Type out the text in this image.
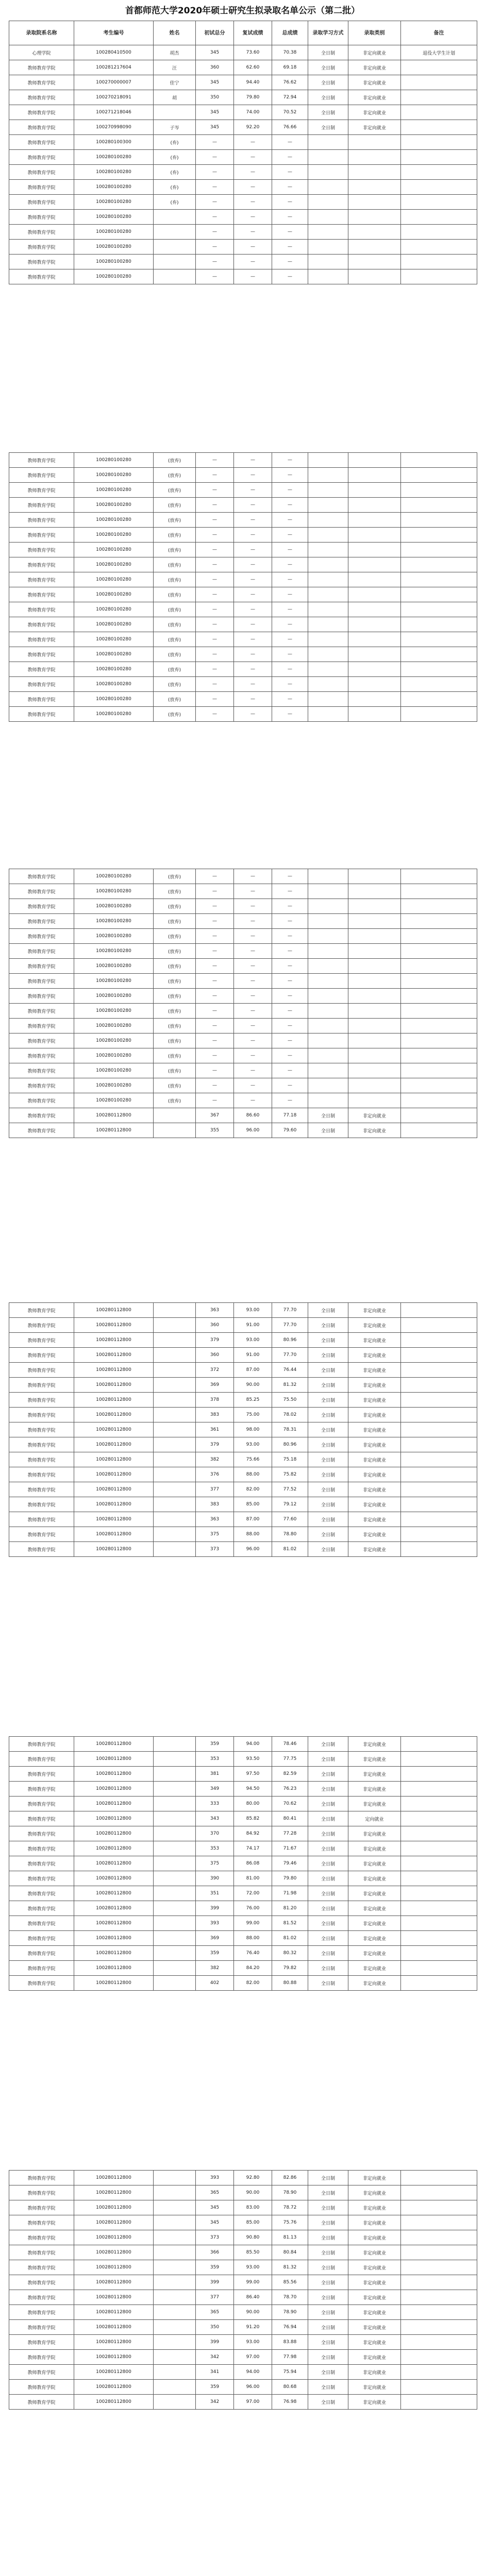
首都师范大学2020年硕士研究生拟录取名单公示（第二批）
录取院系名称	考生编号	姓名	初试总分	复试成绩	总成绩	录取学习方式	录取类别	备注
心理学院	100280410500	胡杰	345	73.60	70.38	全日制	非定向就业	退役大学生计划
教师教育学院	100281217604	汪	360	62.60	69.18	全日制	非定向就业	
教师教育学院	100270000007	佳宁	345	94.40	76.62	全日制	非定向就业	
教师教育学院	100270218091	胡	350	79.80	72.94	全日制	非定向就业	
教师教育学院	100271218046		345	74.00	70.52	全日制	非定向就业	
教师教育学院	100270998090	子岑	345	92.20	76.66	全日制	非定向就业	
教师教育学院	100280100300	(弃)	—	—	—			
教师教育学院	100280100280	(弃)	—	—	—			
教师教育学院	100280100280	(弃)	—	—	—			
教师教育学院	100280100280	(弃)	—	—	—			
教师教育学院	100280100280	(弃)	—	—	—			
教师教育学院	100280100280		—	—	—			
教师教育学院	100280100280		—	—	—			
教师教育学院	100280100280		—	—	—			
教师教育学院	100280100280		—	—	—			
教师教育学院	100280100280		—	—	—			
教师教育学院	100280100280	(放弃)	—	—	—			
教师教育学院	100280100280	(放弃)	—	—	—			
教师教育学院	100280100280	(放弃)	—	—	—			
教师教育学院	100280100280	(放弃)	—	—	—			
教师教育学院	100280100280	(放弃)	—	—	—			
教师教育学院	100280100280	(放弃)	—	—	—			
教师教育学院	100280100280	(放弃)	—	—	—			
教师教育学院	100280100280	(放弃)	—	—	—			
教师教育学院	100280100280	(放弃)	—	—	—			
教师教育学院	100280100280	(放弃)	—	—	—			
教师教育学院	100280100280	(放弃)	—	—	—			
教师教育学院	100280100280	(放弃)	—	—	—			
教师教育学院	100280100280	(放弃)	—	—	—			
教师教育学院	100280100280	(放弃)	—	—	—			
教师教育学院	100280100280	(放弃)	—	—	—			
教师教育学院	100280100280	(放弃)	—	—	—			
教师教育学院	100280100280	(放弃)	—	—	—			
教师教育学院	100280100280	(放弃)	—	—	—			
教师教育学院	100280100280	(放弃)	—	—	—			
教师教育学院	100280100280	(放弃)	—	—	—			
教师教育学院	100280100280	(放弃)	—	—	—			
教师教育学院	100280100280	(放弃)	—	—	—			
教师教育学院	100280100280	(放弃)	—	—	—			
教师教育学院	100280100280	(放弃)	—	—	—			
教师教育学院	100280100280	(放弃)	—	—	—			
教师教育学院	100280100280	(放弃)	—	—	—			
教师教育学院	100280100280	(放弃)	—	—	—			
教师教育学院	100280100280	(放弃)	—	—	—			
教师教育学院	100280100280	(放弃)	—	—	—			
教师教育学院	100280100280	(放弃)	—	—	—			
教师教育学院	100280100280	(放弃)	—	—	—			
教师教育学院	100280100280	(放弃)	—	—	—			
教师教育学院	100280100280	(放弃)	—	—	—			
教师教育学院	100280100280	(放弃)	—	—	—			
教师教育学院	100280112800		367	86.60	77.18	全日制	非定向就业	
教师教育学院	100280112800		355	96.00	79.60	全日制	非定向就业	
教师教育学院	100280112800		363	93.00	77.70	全日制	非定向就业	
教师教育学院	100280112800		360	91.00	77.70	全日制	非定向就业	
教师教育学院	100280112800		379	93.00	80.96	全日制	非定向就业	
教师教育学院	100280112800		360	91.00	77.70	全日制	非定向就业	
教师教育学院	100280112800		372	87.00	76.44	全日制	非定向就业	
教师教育学院	100280112800		369	90.00	81.32	全日制	非定向就业	
教师教育学院	100280112800		378	85.25	75.50	全日制	非定向就业	
教师教育学院	100280112800		383	75.00	78.02	全日制	非定向就业	
教师教育学院	100280112800		361	98.00	78.31	全日制	非定向就业	
教师教育学院	100280112800		379	93.00	80.96	全日制	非定向就业	
教师教育学院	100280112800		382	75.66	75.18	全日制	非定向就业	
教师教育学院	100280112800		376	88.00	75.82	全日制	非定向就业	
教师教育学院	100280112800		377	82.00	77.52	全日制	非定向就业	
教师教育学院	100280112800		383	85.00	79.12	全日制	非定向就业	
教师教育学院	100280112800		363	87.00	77.60	全日制	非定向就业	
教师教育学院	100280112800		375	88.00	78.80	全日制	非定向就业	
教师教育学院	100280112800		373	96.00	81.02	全日制	非定向就业	
教师教育学院	100280112800		359	94.00	78.46	全日制	非定向就业	
教师教育学院	100280112800		353	93.50	77.75	全日制	非定向就业	
教师教育学院	100280112800		381	97.50	82.59	全日制	非定向就业	
教师教育学院	100280112800		349	94.50	76.23	全日制	非定向就业	
教师教育学院	100280112800		333	80.00	70.62	全日制	非定向就业	
教师教育学院	100280112800		343	85.82	80.41	全日制	定向就业	
教师教育学院	100280112800		370	84.92	77.28	全日制	非定向就业	
教师教育学院	100280112800		353	74.17	71.67	全日制	非定向就业	
教师教育学院	100280112800		375	86.08	79.46	全日制	非定向就业	
教师教育学院	100280112800		390	81.00	79.80	全日制	非定向就业	
教师教育学院	100280112800		351	72.00	71.98	全日制	非定向就业	
教师教育学院	100280112800		399	76.00	81.20	全日制	非定向就业	
教师教育学院	100280112800		393	99.00	81.52	全日制	非定向就业	
教师教育学院	100280112800		369	88.00	81.02	全日制	非定向就业	
教师教育学院	100280112800		359	76.40	80.32	全日制	非定向就业	
教师教育学院	100280112800		382	84.20	79.82	全日制	非定向就业	
教师教育学院	100280112800		402	82.00	80.88	全日制	非定向就业	
教师教育学院	100280112800		393	92.80	82.86	全日制	非定向就业	
教师教育学院	100280112800		365	90.00	78.90	全日制	非定向就业	
教师教育学院	100280112800		345	83.00	78.72	全日制	非定向就业	
教师教育学院	100280112800		345	85.00	75.76	全日制	非定向就业	
教师教育学院	100280112800		373	90.80	81.13	全日制	非定向就业	
教师教育学院	100280112800		366	85.50	80.84	全日制	非定向就业	
教师教育学院	100280112800		359	93.00	81.32	全日制	非定向就业	
教师教育学院	100280112800		399	99.00	85.56	全日制	非定向就业	
教师教育学院	100280112800		377	86.40	78.70	全日制	非定向就业	
教师教育学院	100280112800		365	90.00	78.90	全日制	非定向就业	
教师教育学院	100280112800		350	91.20	76.94	全日制	非定向就业	
教师教育学院	100280112800		399	93.00	83.88	全日制	非定向就业	
教师教育学院	100280112800		342	97.00	77.98	全日制	非定向就业	
教师教育学院	100280112800		341	94.00	75.94	全日制	非定向就业	
教师教育学院	100280112800		359	96.00	80.68	全日制	非定向就业	
教师教育学院	100280112800		342	97.00	76.98	全日制	非定向就业	
